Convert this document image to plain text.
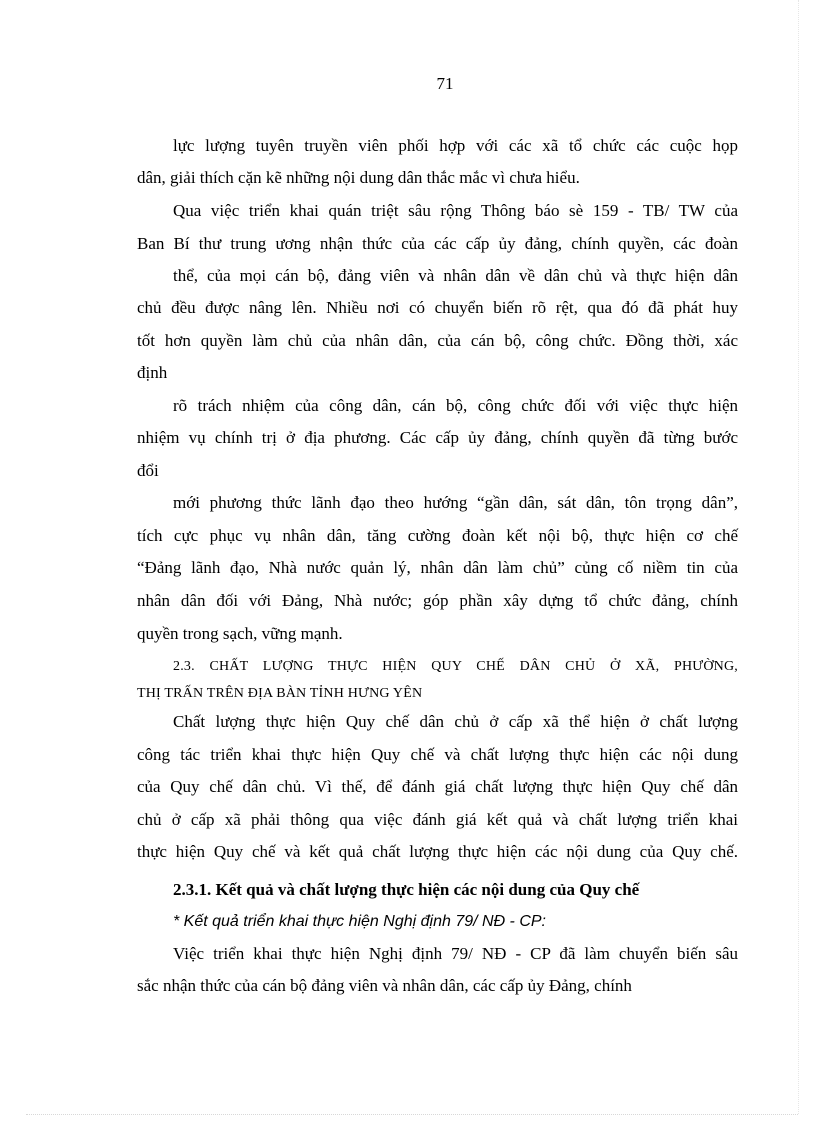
71
lực lượng tuyên truyền viên phối hợp với các xã tổ chức các cuộc họp
dân, giải thích cặn kẽ những nội dung dân thắc mắc vì chưa hiểu.
Qua việc triển khai quán triệt sâu rộng Thông báo sè 159 - TB/ TW của
Ban Bí thư trung ương nhận thức của các cấp ủy đảng, chính quyền, các đoàn
thể, của mọi cán bộ, đảng viên và nhân dân về dân chủ và thực hiện dân
chủ đều được nâng lên. Nhiều nơi có chuyển biến rõ rệt, qua đó đã phát huy
tốt hơn quyền làm chủ của nhân dân, của cán bộ, công chức. Đồng thời, xác
định
rõ trách nhiệm của công dân, cán bộ, công chức đối với việc thực hiện
nhiệm vụ chính trị ở địa phương. Các cấp ủy đảng, chính quyền đã từng bước
đổi
mới phương thức lãnh đạo theo hướng “gần dân, sát dân, tôn trọng dân”,
tích cực phục vụ nhân dân, tăng cường đoàn kết nội bộ, thực hiện cơ chế
“Đảng lãnh đạo, Nhà nước quản lý, nhân dân làm chủ” củng cố niềm tin của
nhân dân đối với Đảng, Nhà nước; góp phần xây dựng tổ chức đảng, chính
quyền trong sạch, vững mạnh.
2.3. CHẤT LƯỢNG THỰC HIỆN QUY CHẾ DÂN CHỦ Ở XÃ, PHƯỜNG,
THỊ TRẤN TRÊN ĐỊA BÀN TỈNH HƯNG YÊN
Chất lượng thực hiện Quy chế dân chủ ở cấp xã thể hiện ở chất lượng
công tác triển khai thực hiện Quy chế và chất lượng thực hiện các nội dung
của Quy chế dân chủ. Vì thế, để đánh giá chất lượng thực hiện Quy chế dân
chủ ở cấp xã phải thông qua việc đánh giá kết quả và chất lượng triển khai
thực hiện Quy chế và kết quả chất lượng thực hiện các nội dung của Quy chế.
2.3.1. Kết quả và chất lượng thực hiện các nội dung của Quy chế
* Kết quả triển khai thực hiện Nghị định 79/ NĐ - CP:
Việc triển khai thực hiện Nghị định 79/ NĐ - CP đã làm chuyển biến sâu
sắc nhận thức của cán bộ đảng viên và nhân dân, các cấp ủy Đảng, chính
